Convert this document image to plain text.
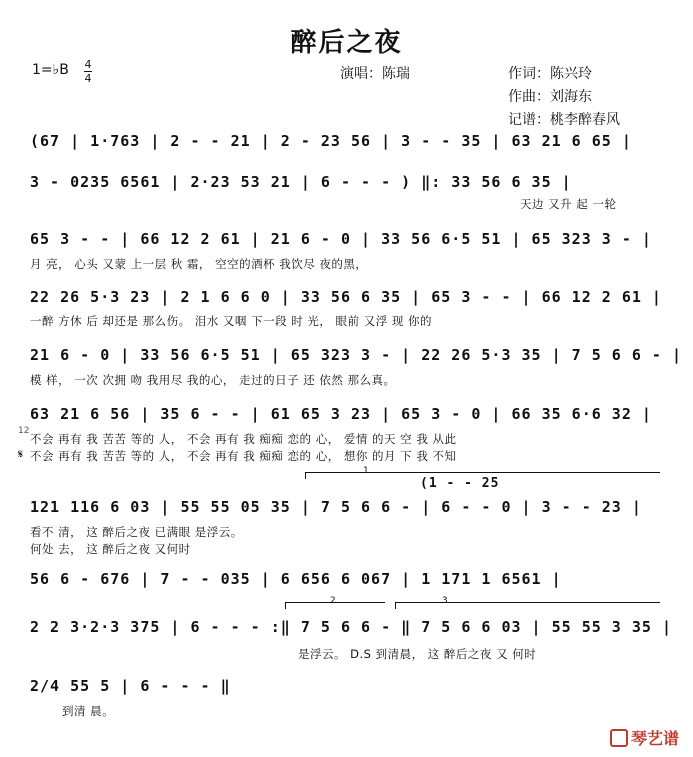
醉后之夜
1=♭B 4
4	演唱：陈瑞	作词：陈兴玲
作曲：刘海东
记谱：桃李醉春风
(67 | 1·763 | 2 - - 21 | 2 - 23 56 | 3 - - 35 | 63 21 6 65 |
3 - 0235 6561 | 2·23 53 21 | 6 - - - ) ‖: 33 56 6 35 |
天边 又升 起 一轮
65 3 - - | 66 12 2 61 | 21 6 - 0 | 33 56 6·5 51 | 65 323 3 - |
月 亮， 心头 又蒙 上一层 秋 霜， 空空的酒杯 我饮尽 夜的黑，
22 26 5·3 23 | 2 1 6 6 0 | 33 56 6 35 | 65 3 - - | 66 12 2 61 |
一醉 方休 后 却还是 那么伤。 泪水 又咽 下一段 时 光， 眼前 又浮 现 你的
21 6 - 0 | 33 56 6·5 51 | 65 323 3 - | 22 26 5·3 35 | 7 5 6 6 - |
模 样， 一次 次拥 吻 我用尽 我的心， 走过的日子 还 依然 那么真。
63 21 6 56 | 35 6 - - | 61 65 3 23 | 65 3 - 0 | 66 35 6·6 32 |
12
不会 再有 我 苦苦 等的 人， 不会 再有 我 痴痴 恋的 心， 爱情 的天 空 我 从此
𝄋 不会 再有 我 苦苦 等的 人， 不会 再有 我 痴痴 恋的 心， 想你 的月 下 我 不知
1
(1 - - 25
121 116 6 03 | 55 55 05 35 | 7 5 6 6 - | 6 - - 0 | 3 - - 23 |
看不 清， 这 醉后之夜 已满眼 是浮云。
何处 去， 这 醉后之夜 又何时
56 6 - 676 | 7 - - 035 | 6 656 6 067 | 1 171 1 6561 |
2	3
2 2 3·2·3 375 | 6 - - - :‖ 7 5 6 6 - ‖ 7 5 6 6 03 | 55 55 3 35 |
是浮云。 D.S 到清晨， 这 醉后之夜 又 何时
2/4 55 5 | 6 - - - ‖
到清 晨。
琴艺谱
